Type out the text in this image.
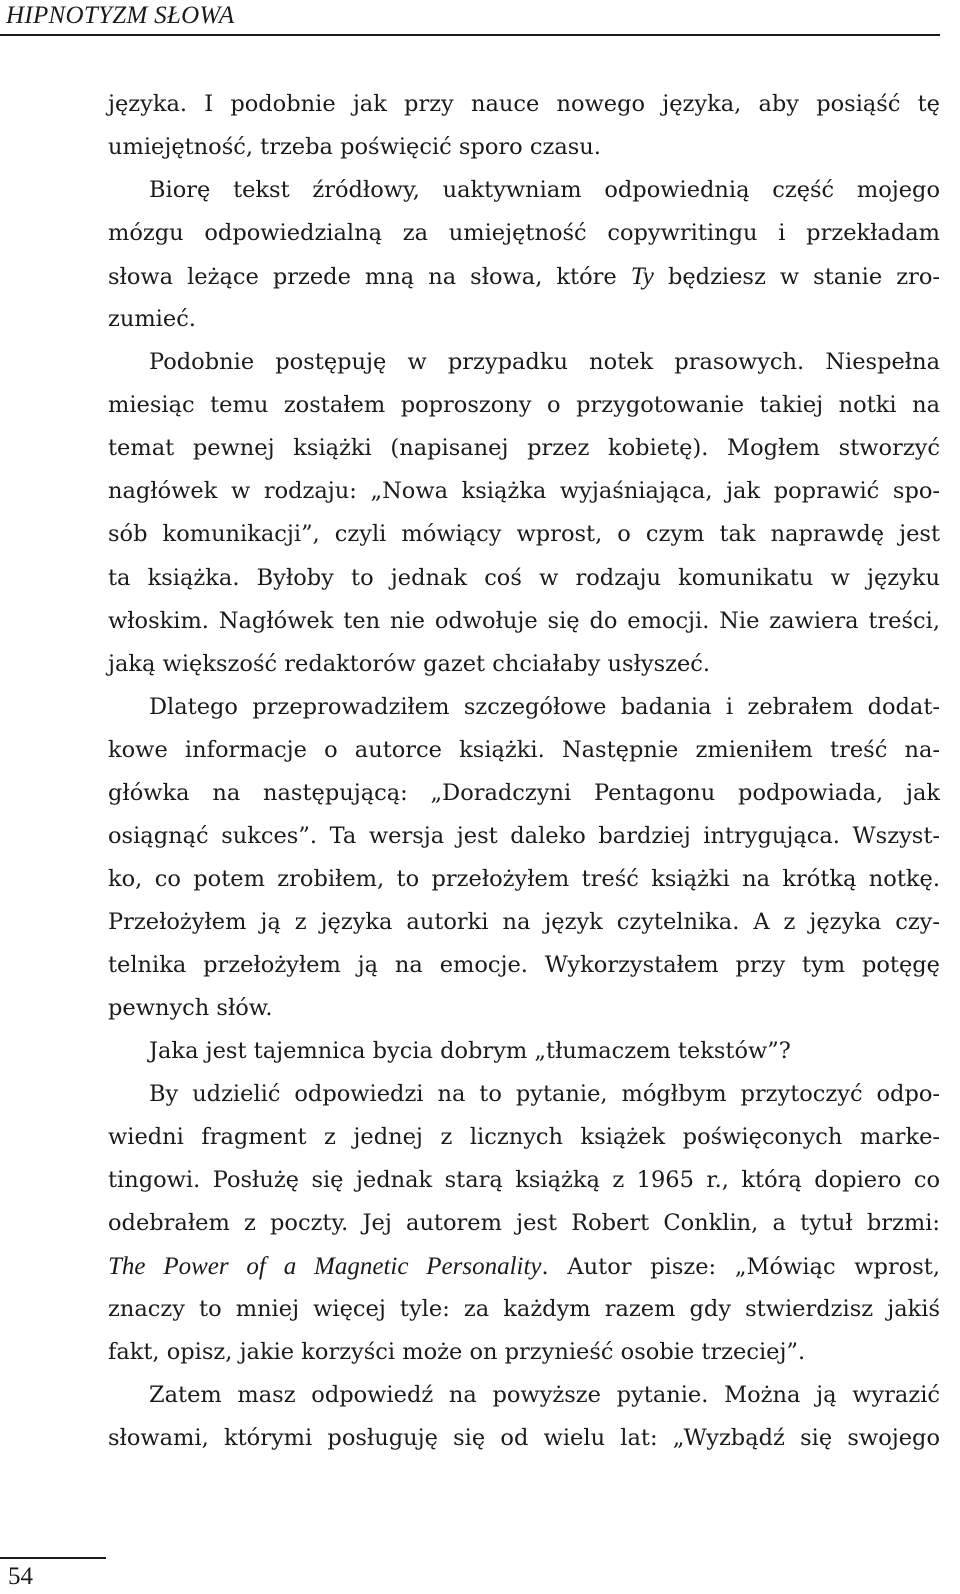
HIPNOTYZM SŁOWA
języka. I podobnie jak przy nauce nowego języka, aby posiąść tę
umiejętność, trzeba poświęcić sporo czasu.
Biorę tekst źródłowy, uaktywniam odpowiednią część mojego
mózgu odpowiedzialną za umiejętność copywritingu i przekładam
słowa leżące przede mną na słowa, które Ty będziesz w stanie zro-
zumieć.
Podobnie postępuję w przypadku notek prasowych. Niespełna
miesiąc temu zostałem poproszony o przygotowanie takiej notki na
temat pewnej książki (napisanej przez kobietę). Mogłem stworzyć
nagłówek w rodzaju: „Nowa książka wyjaśniająca, jak poprawić spo-
sób komunikacji”, czyli mówiący wprost, o czym tak naprawdę jest
ta książka. Byłoby to jednak coś w rodzaju komunikatu w języku
włoskim. Nagłówek ten nie odwołuje się do emocji. Nie zawiera treści,
jaką większość redaktorów gazet chciałaby usłyszeć.
Dlatego przeprowadziłem szczegółowe badania i zebrałem dodat-
kowe informacje o autorce książki. Następnie zmieniłem treść na-
główka na następującą: „Doradczyni Pentagonu podpowiada, jak
osiągnąć sukces”. Ta wersja jest daleko bardziej intrygująca. Wszyst-
ko, co potem zrobiłem, to przełożyłem treść książki na krótką notkę.
Przełożyłem ją z języka autorki na język czytelnika. A z języka czy-
telnika przełożyłem ją na emocje. Wykorzystałem przy tym potęgę
pewnych słów.
Jaka jest tajemnica bycia dobrym „tłumaczem tekstów”?
By udzielić odpowiedzi na to pytanie, mógłbym przytoczyć odpo-
wiedni fragment z jednej z licznych książek poświęconych marke-
tingowi. Posłużę się jednak starą książką z 1965 r., którą dopiero co
odebrałem z poczty. Jej autorem jest Robert Conklin, a tytuł brzmi:
The Power of a Magnetic Personality. Autor pisze: „Mówiąc wprost,
znaczy to mniej więcej tyle: za każdym razem gdy stwierdzisz jakiś
fakt, opisz, jakie korzyści może on przynieść osobie trzeciej”.
Zatem masz odpowiedź na powyższe pytanie. Można ją wyrazić
słowami, którymi posługuję się od wielu lat: „Wyzbądź się swojego
54
